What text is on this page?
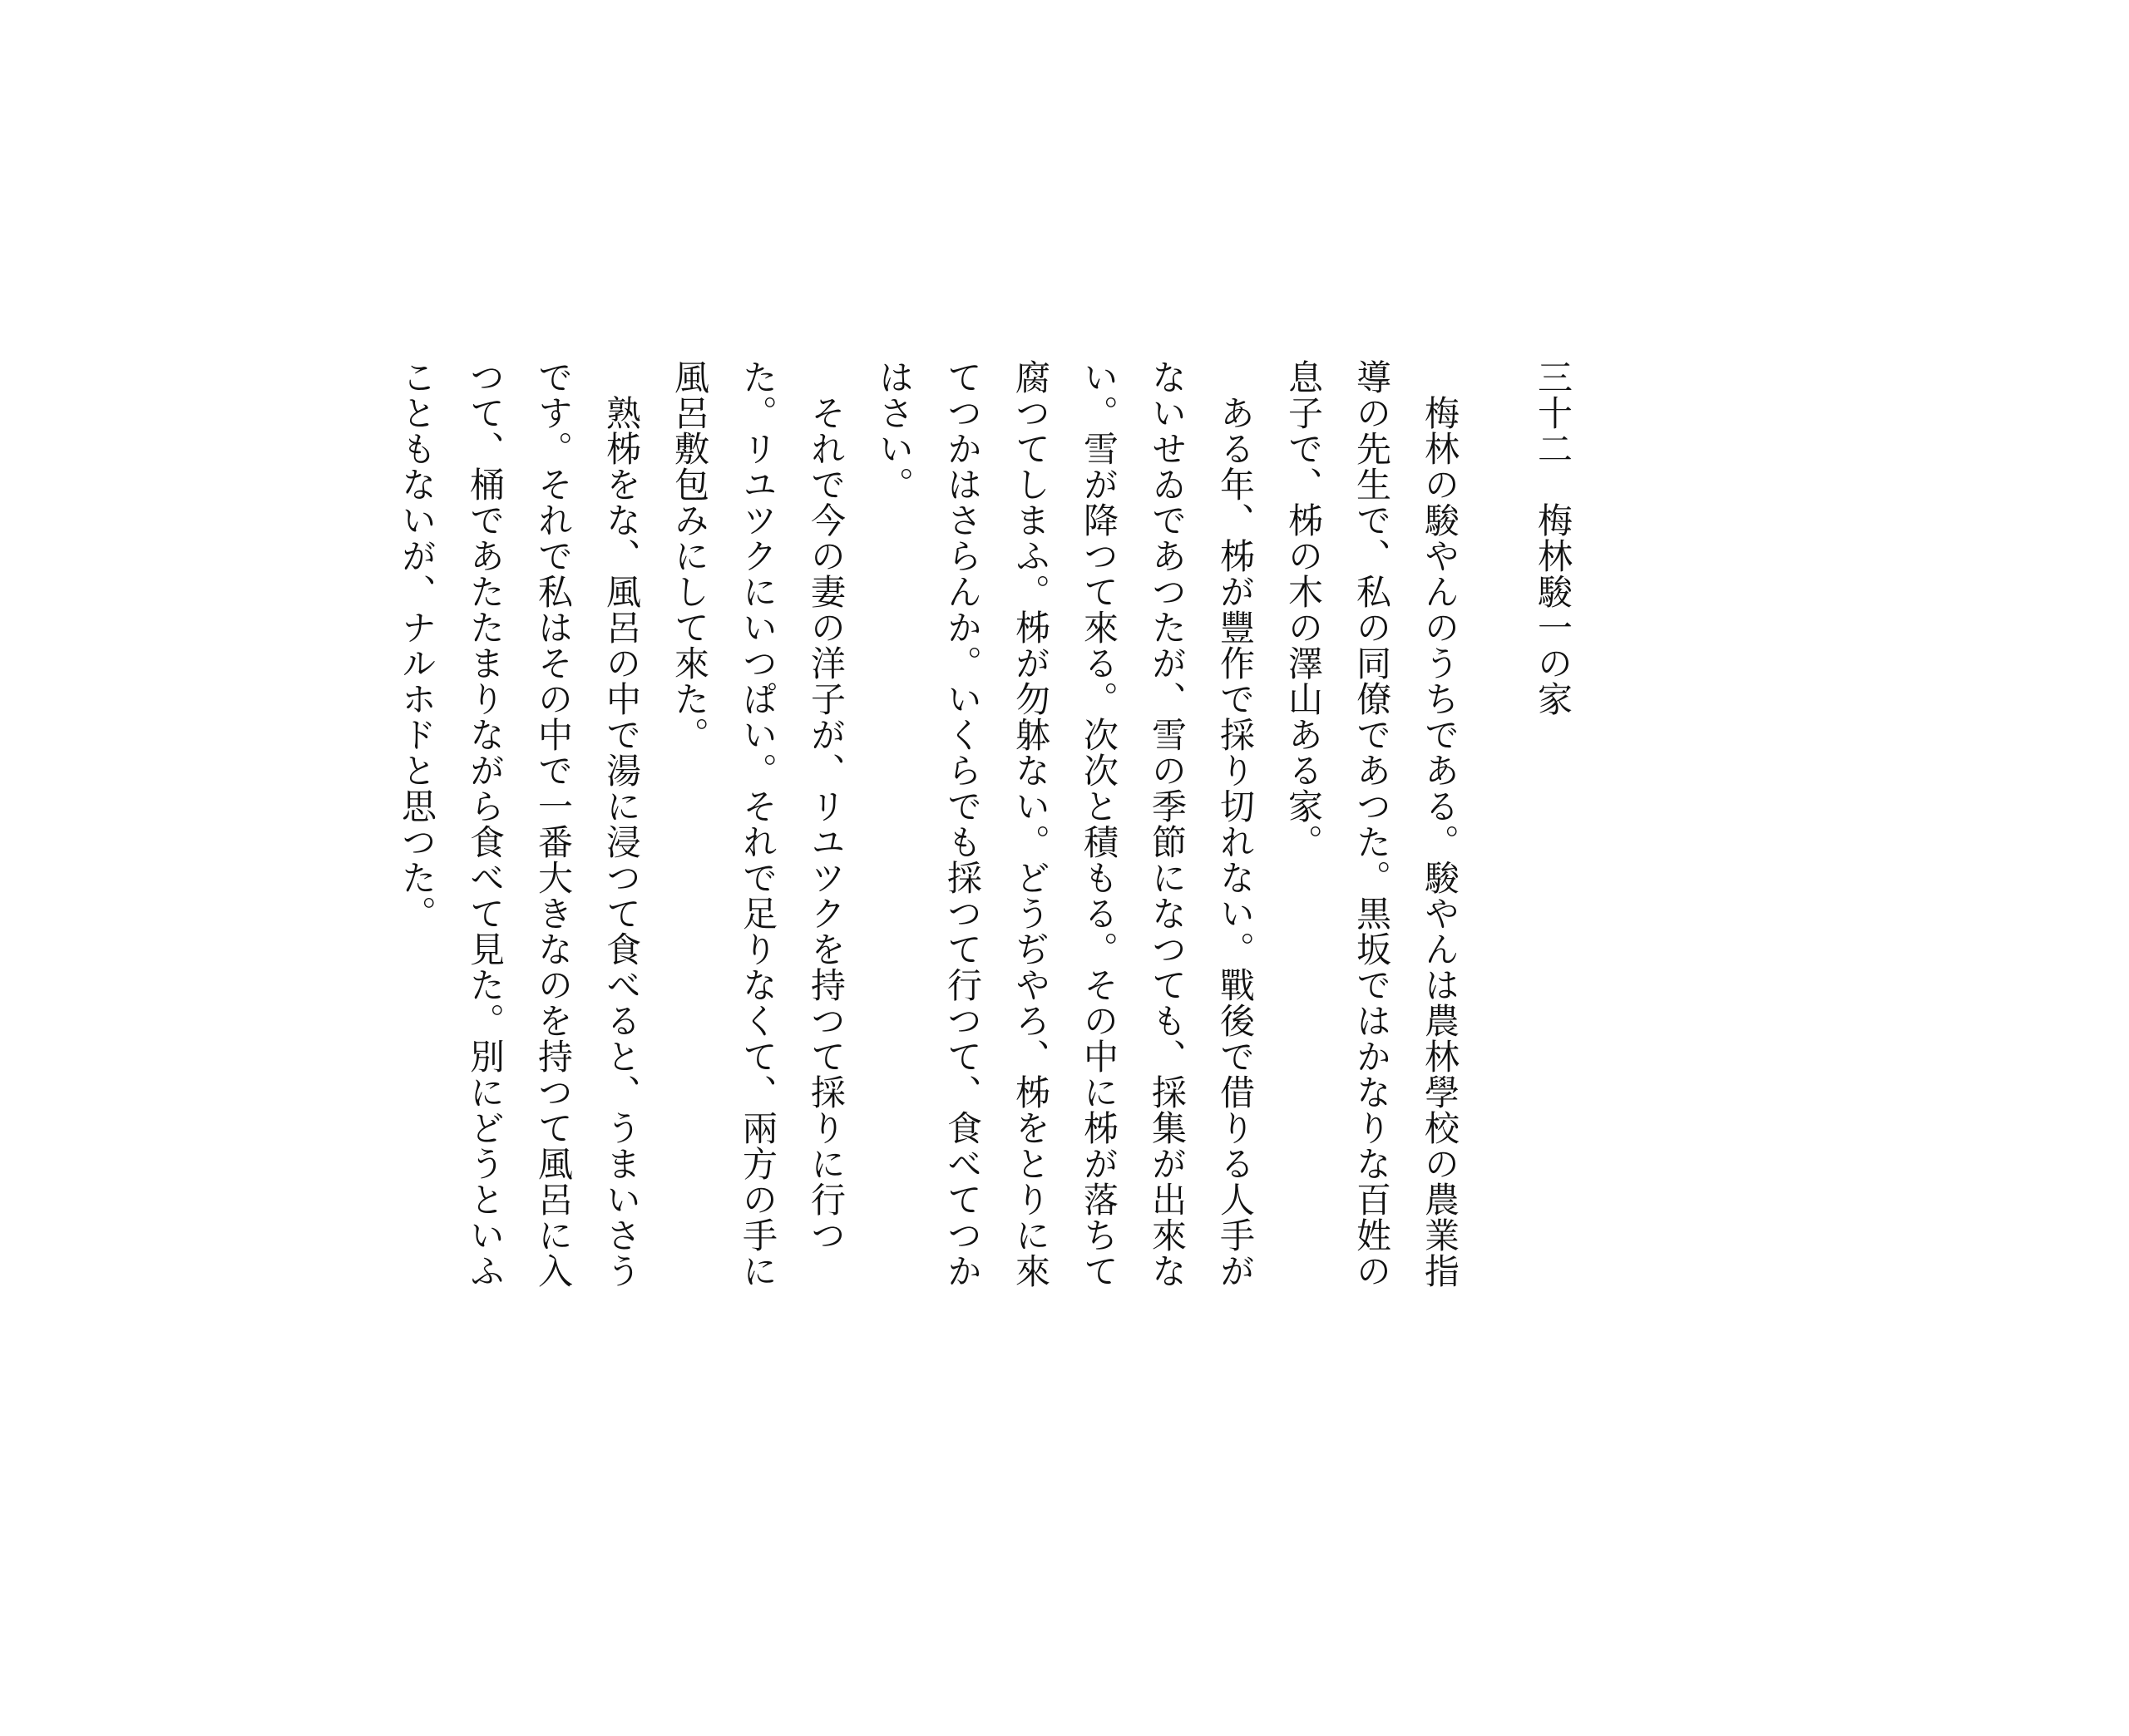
三十二　梅林駿一の家

　梅林の駿やんのうちである。駿やんは農林學校の農業指

導の先生で、私の同僚であつた。黒坂ではかなりな百姓の

息子で、柹の木の澤山ある家。

　ある年、柹が豐作で採り切れない。戰後で借りる人手が

ないせゐであつたが、雪の季節になつても、採集が出來な

い。雪が降つて來る。次次と積もる。その中に柹が落ちて

腐つてしまふ。柹が勿躰ない。どうぢやろ、柹をとりに來

てつかはさらんか。いくらでも採つて行つて、食べてつか

はさい。

　それで今の妻の洋子が、リユツクを持つて採りに行つ

た。リユツクにいつぱい。それで足りなくて、兩方の手に

風呂敷包みにして來た。

　熟柹をな、風呂の中で湯に浸つて食べると、うまいさう

です。それで私はその中で一番大きなのを持つて風呂に入

つて、桶であたたまりながら食べて見た。別にどうといふ

こともないが、ナルホドと思つた。
